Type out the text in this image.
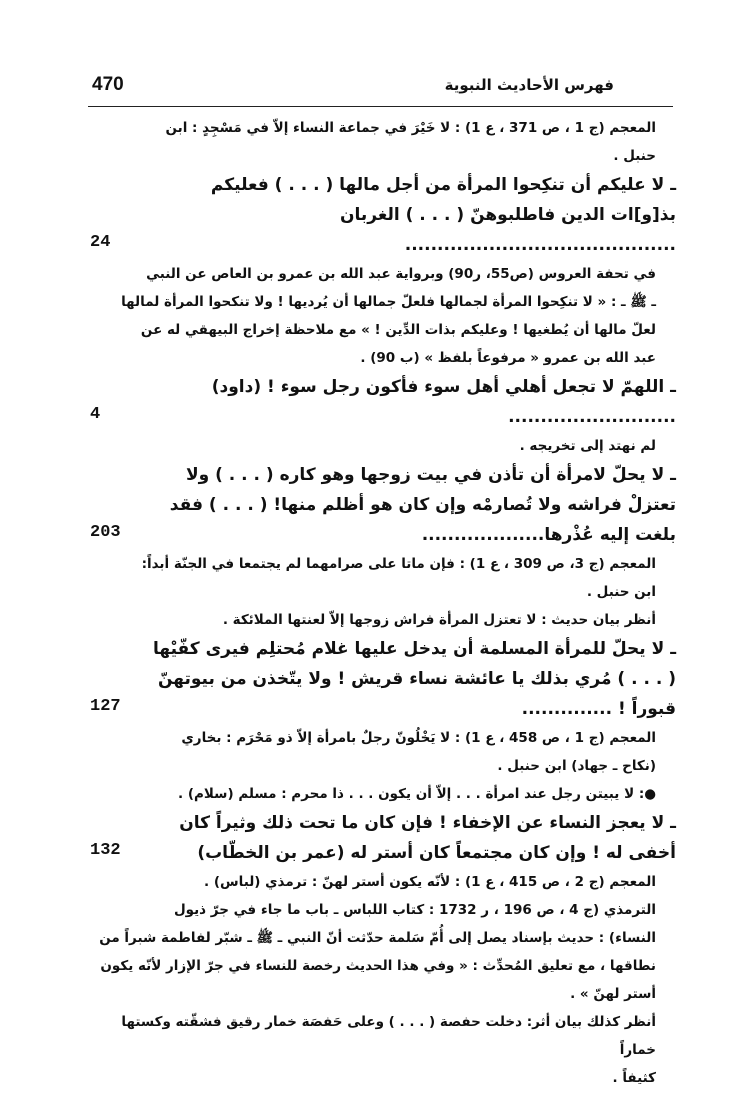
فهرس الأحاديث النبوية
470
المعجم (ج 1 ، ص 371 ، ع 1) : لا خَيْرَ في جماعة النساء إلاّ في مَسْجِدٍ : ابن
حنبل .
ـ لا عليكم أن تنكِحوا المرأة من أجل مالها ( . . . ) فعليكم بذ[و]ات الدين فاطلبوهنّ ( . . . ) الغربان ..........................................
24
في تحفة العروس (ص55، ر90) وبرواية عبد الله بن عمرو بن العاص عن النبي
ـ ﷺ ـ : « لا تنكِحوا المرأة لجمالها فلعلّ جمالها أن يُرديها ! ولا تنكحوا المرأة لمالها
لعلّ مالها أن يُطغيها ! وعليكم بذات الدِّين ! » مع ملاحظة إخراج البيهقي له عن
عبد الله بن عمرو « مرفوعاً بلفظ » (ب 90) .
ـ اللهمّ لا تجعل أهلي أهل سوء فأكون رجل سوء ! (داود) ..........................
4
لم نهتد إلى تخريجه .
ـ لا يحلّ لامرأة أن تأذن في بيت زوجها وهو كاره ( . . . ) ولا تعتزلْ فراشه ولا تُصارمْه وإن كان هو أظلم منها! ( . . . ) فقد بلغت إليه عُذْرها...................
203
المعجم (ج 3، ص 309 ، ع 1) : فإن ماتا على صرامهما لم يجتمعا في الجنّة أبداً:
ابن حنبل .
أنظر بيان حديث : لا تعتزل المرأة فراش زوجها إلاّ لعنتها الملائكة .
ـ لا يحلّ للمرأة المسلمة أن يدخل عليها غلام مُحتلِم فيرى كفّيْها ( . . . ) مُري بذلك يا عائشة نساء قريش ! ولا يتّخذن من بيوتهنّ قبوراً ! ..............
127
المعجم (ج 1 ، ص 458 ، ع 1) : لا يَخْلُونّ رجلٌ بامرأة إلاّ ذو مَحْرَم : بخاري
(نكاح ـ جهاد) ابن حنبل .
●: لا يبيتن رجل عند امرأة . . . إلاّ أن يكون . . . ذا محرم : مسلم (سلام) .
ـ لا يعجز النساء عن الإخفاء ! فإن كان ما تحت ذلك وثيراً كان أخفى له ! وإن كان مجتمعاً كان أستر له (عمر بن الخطّاب)
132
المعجم (ج 2 ، ص 415 ، ع 1) : لأنّه يكون أستر لهنّ : ترمذي (لباس) .
الترمذي (ج 4 ، ص 196 ، ر 1732 : كتاب اللباس ـ باب ما جاء في جرّ ذيول
النساء) : حديث بإسناد يصل إلى أُمّ سَلمة حدّثت أنّ النبي ـ ﷺ ـ شبّر لفاطمة شبراً من
نطاقها ، مع تعليق المُحدِّث : « وفي هذا الحديث رخصة للنساء في جرّ الإزار لأنّه يكون
أستر لهنّ » .
أنظر كذلك بيان أثر: دخلت حفصة ( . . . ) وعلى حَفصَة خمار رقيق فشقّته وكستها خماراً
كثيفاً .
